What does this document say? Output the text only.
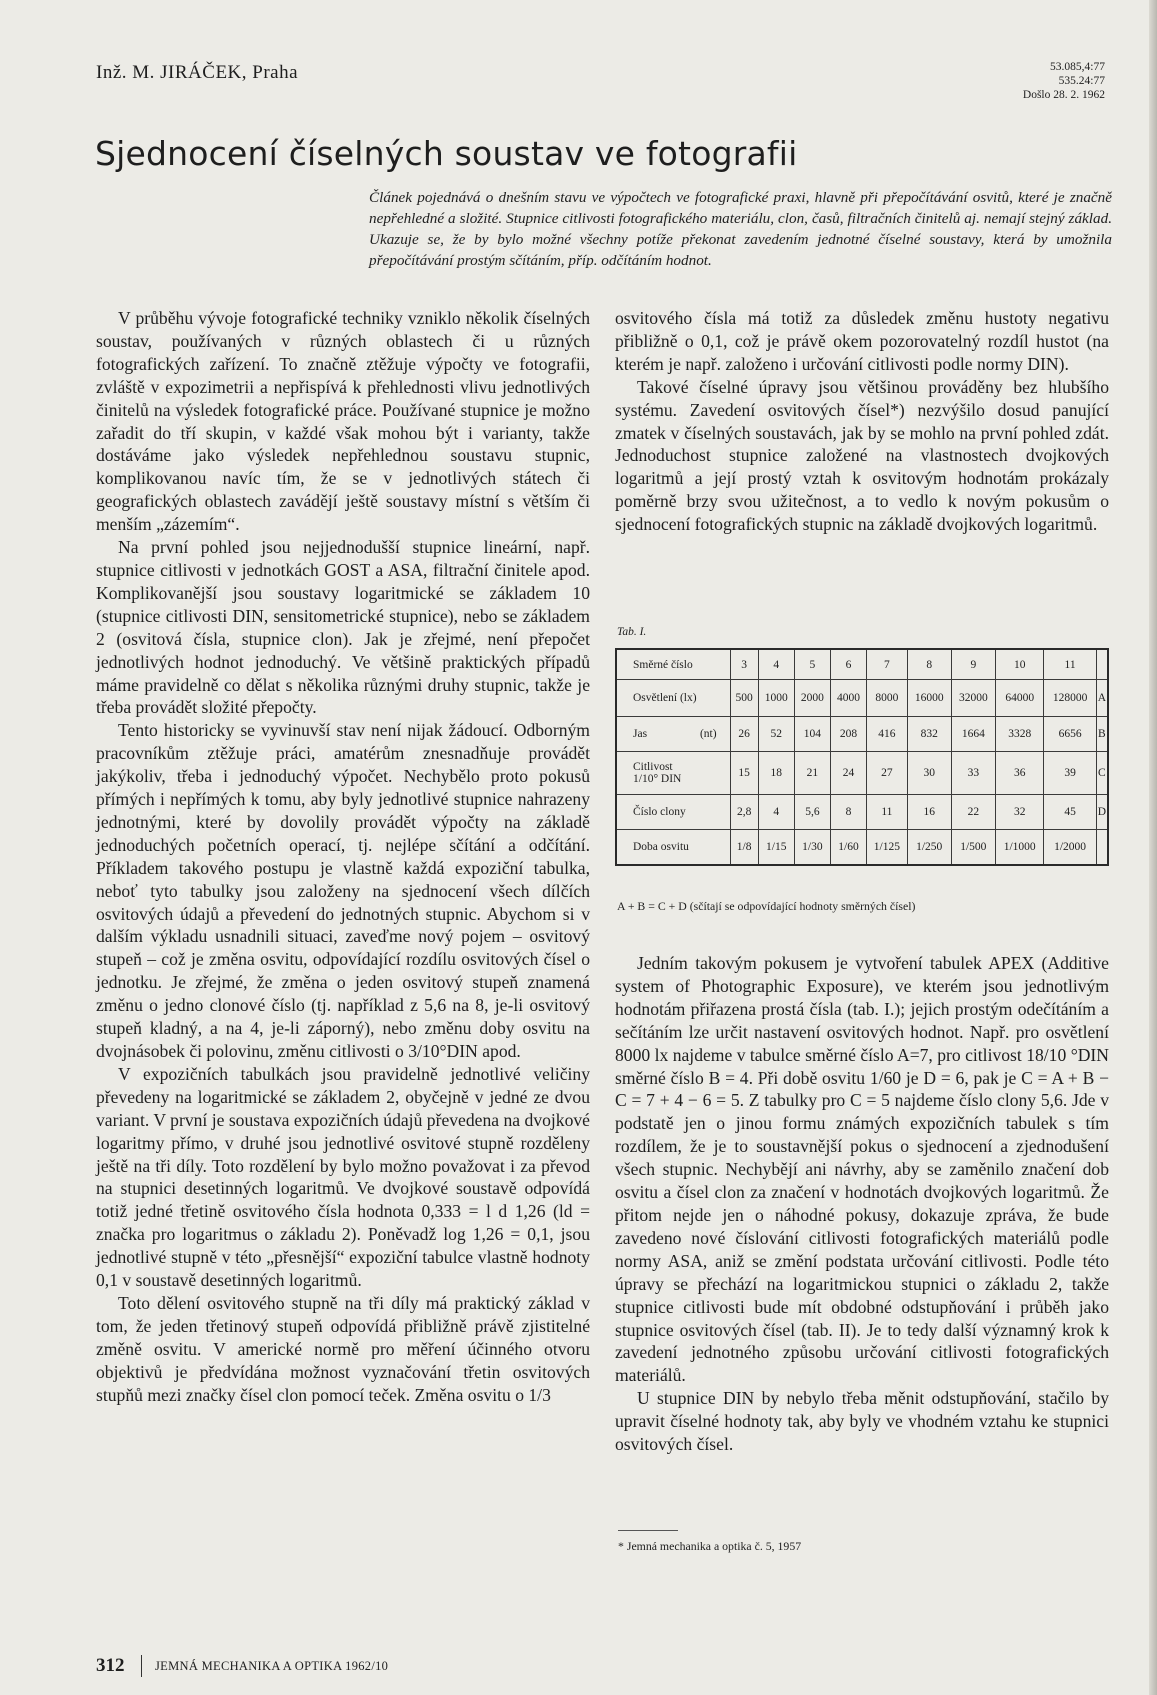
Inž. M. JIRÁČEK, Praha	53.085,4:77
535.24:77
Došlo 28. 2. 1962
Sjednocení číselných soustav ve fotografii

Článek pojednává o dnešním stavu ve výpočtech ve fotografické praxi, hlavně při přepočítávání osvitů, které je značně nepřehledné a složité. Stupnice citlivosti fotografického materiálu, clon, časů, filtračních činitelů aj. nemají stejný základ. Ukazuje se, že by bylo možné všechny potíže překonat zavedením jednotné číselné soustavy, která by umožnila přepočítávání prostým sčítáním, příp. odčítáním hodnot.

V průběhu vývoje fotografické techniky vzniklo několik číselných soustav, používaných v různých oblastech či u různých fotografických zařízení. To značně ztěžuje výpočty ve fotografii, zvláště v expozimetrii a nepřispívá k přehlednosti vlivu jednotlivých činitelů na výsledek fotografické práce. Používané stupnice je možno zařadit do tří skupin, v každé však mohou být i varianty, takže dostáváme jako výsledek nepřehlednou soustavu stupnic, komplikovanou navíc tím, že se v jednotlivých státech či geografických oblastech zavádějí ještě soustavy místní s větším či menším „zázemím“.

Na první pohled jsou nejjednodušší stupnice lineární, např. stupnice citlivosti v jednotkách GOST a ASA, filtrační činitele apod. Komplikovanější jsou soustavy logaritmické se základem 10 (stupnice citlivosti DIN, sensitometrické stupnice), nebo se základem 2 (osvitová čísla, stupnice clon). Jak je zřejmé, není přepočet jednotlivých hodnot jednoduchý. Ve většině praktických případů máme pravidelně co dělat s několika různými druhy stupnic, takže je třeba provádět složité přepočty.

Tento historicky se vyvinuvší stav není nijak žádoucí. Odborným pracovníkům ztěžuje práci, amatérům znesnadňuje provádět jakýkoliv, třeba i jednoduchý výpočet. Nechybělo proto pokusů přímých i nepřímých k tomu, aby byly jednotlivé stupnice nahrazeny jednotnými, které by dovolily provádět výpočty na základě jednoduchých početních operací, tj. nejlépe sčítání a odčítání. Příkladem takového postupu je vlastně každá expoziční tabulka, neboť tyto tabulky jsou založeny na sjednocení všech dílčích osvitových údajů a převedení do jednotných stupnic. Abychom si v dalším výkladu usnadnili situaci, zaveďme nový pojem – osvitový stupeň – což je změna osvitu, odpovídající rozdílu osvitových čísel o jednotku. Je zřejmé, že změna o jeden osvitový stupeň znamená změnu o jedno clonové číslo (tj. například z 5,6 na 8, je-li osvitový stupeň kladný, a na 4, je-li záporný), nebo změnu doby osvitu na dvojnásobek či polovinu, změnu citlivosti o 3/10°DIN apod.

V expozičních tabulkách jsou pravidelně jednotlivé veličiny převedeny na logaritmické se základem 2, obyčejně v jedné ze dvou variant. V první je soustava expozičních údajů převedena na dvojkové logaritmy přímo, v druhé jsou jednotlivé osvitové stupně rozděleny ještě na tři díly. Toto rozdělení by bylo možno považovat i za převod na stupnici desetinných logaritmů. Ve dvojkové soustavě odpovídá totiž jedné třetině osvitového čísla hodnota 0,333 = l d 1,26 (ld = značka pro logaritmus o základu 2). Poněvadž log 1,26 = 0,1, jsou jednotlivé stupně v této „přesnější“ expoziční tabulce vlastně hodnoty 0,1 v soustavě desetinných logaritmů.

Toto dělení osvitového stupně na tři díly má praktický základ v tom, že jeden třetinový stupeň odpovídá přibližně právě zjistitelné změně osvitu. V americké normě pro měření účinného otvoru objektivů je předvídána možnost vyznačování třetin osvitových stupňů mezi značky čísel clon pomocí teček. Změna osvitu o 1/3

osvitového čísla má totiž za důsledek změnu hustoty negativu přibližně o 0,1, což je právě okem pozorovatelný rozdíl hustot (na kterém je např. založeno i určování citlivosti podle normy DIN).

Takové číselné úpravy jsou většinou prováděny bez hlubšího systému. Zavedení osvitových čísel*) nezvýšilo dosud panující zmatek v číselných soustavách, jak by se mohlo na první pohled zdát. Jednoduchost stupnice založené na vlastnostech dvojkových logaritmů a její prostý vztah k osvitovým hodnotám prokázaly poměrně brzy svou užitečnost, a to vedlo k novým pokusům o sjednocení fotografických stupnic na základě dvojkových logaritmů.

Tab. I.
Směrné číslo	3	4	5	6	7	8	9	10	11	
Osvětlení (lx)	500	1000	2000	4000	8000	16000	32000	64000	128000	A

Jas (nt)	26	52	104	208	416	832	1664	3328	6656	B

Citlivost
1/10° DIN	15	18	21	24	27	30	33	36	39	C
Číslo clony	2,8	4	5,6	8	11	16	22	32	45	D
Doba osvitu	1/8	1/15	1/30	1/60	1/125	1/250	1/500	1/1000	1/2000	
A + B = C + D (sčítají se odpovídající hodnoty směrných čísel)

Jedním takovým pokusem je vytvoření tabulek APEX (Additive system of Photographic Exposure), ve kterém jsou jednotlivým hodnotám přiřazena prostá čísla (tab. I.); jejich prostým odečítáním a sečítáním lze určit nastavení osvitových hodnot. Např. pro osvětlení 8000 lx najdeme v tabulce směrné číslo A=7, pro citlivost 18/10 °DIN směrné číslo B = 4. Při době osvitu 1/60 je D = 6, pak je C = A + B − C = 7 + 4 − 6 = 5. Z tabulky pro C = 5 najdeme číslo clony 5,6. Jde v podstatě jen o jinou formu známých expozičních tabulek s tím rozdílem, že je to soustavnější pokus o sjednocení a zjednodušení všech stupnic. Nechybějí ani návrhy, aby se zaměnilo značení dob osvitu a čísel clon za značení v hodnotách dvojkových logaritmů. Že přitom nejde jen o náhodné pokusy, dokazuje zpráva, že bude zavedeno nové číslování citlivosti fotografických materiálů podle normy ASA, aniž se změní podstata určování citlivosti. Podle této úpravy se přechází na logaritmickou stupnici o základu 2, takže stupnice citlivosti bude mít obdobné odstupňování i průběh jako stupnice osvitových čísel (tab. II). Je to tedy další významný krok k zavedení jednotného způsobu určování citlivosti fotografických materiálů.

U stupnice DIN by nebylo třeba měnit odstupňování, stačilo by upravit číselné hodnoty tak, aby byly ve vhodném vztahu ke stupnici osvitových čísel.

* Jemná mechanika a optika č. 5, 1957
312 JEMNÁ MECHANIKA A OPTIKA 1962/10
